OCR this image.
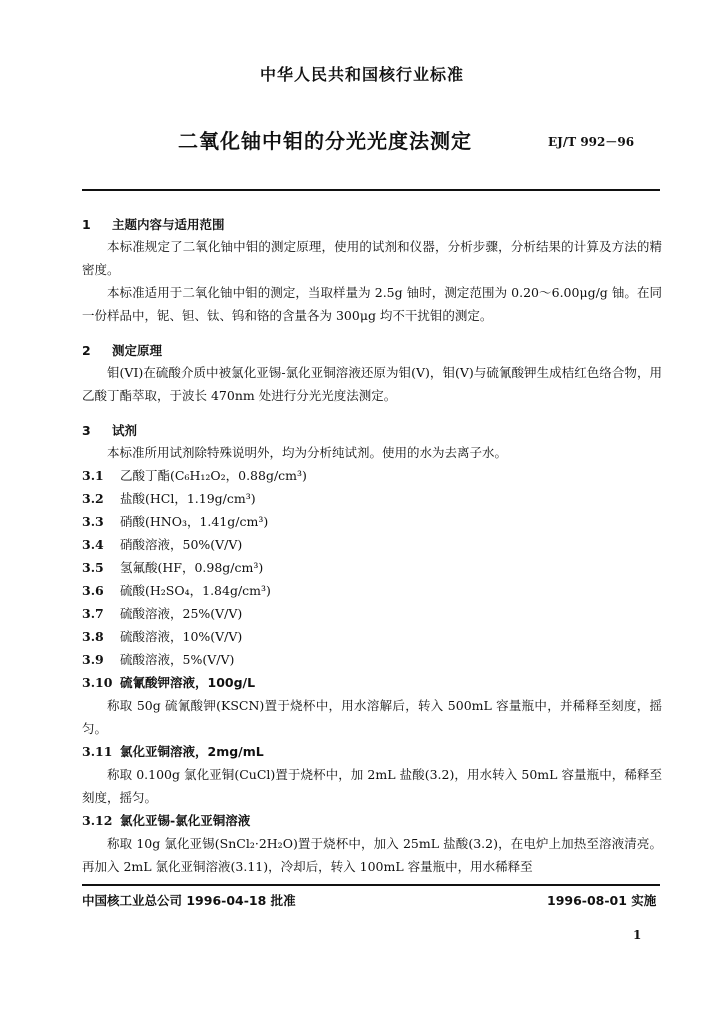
中华人民共和国核行业标准
二氧化铀中钼的分光光度法测定	EJ/T 992－96
1 主题内容与适用范围

本标准规定了二氧化铀中钼的测定原理，使用的试剂和仪器，分析步骤，分析结果的计算及方法的精密度。

本标准适用于二氧化铀中钼的测定，当取样量为 2.5g 铀时，测定范围为 0.20～6.00μg/g 铀。在同一份样品中，铌、钽、钛、钨和铬的含量各为 300μg 均不干扰钼的测定。

2 测定原理

钼(VI)在硫酸介质中被氯化亚锡-氯化亚铜溶液还原为钼(V)，钼(V)与硫氰酸钾生成桔红色络合物，用乙酸丁酯萃取，于波长 470nm 处进行分光光度法测定。

3 试剂

本标准所用试剂除特殊说明外，均为分析纯试剂。使用的水为去离子水。

3.1 乙酸丁酯(C₆H₁₂O₂，0.88g/cm³)
3.2 盐酸(HCl，1.19g/cm³)
3.3 硝酸(HNO₃，1.41g/cm³)
3.4 硝酸溶液，50%(V/V)
3.5 氢氟酸(HF，0.98g/cm³)
3.6 硫酸(H₂SO₄，1.84g/cm³)
3.7 硫酸溶液，25%(V/V)
3.8 硫酸溶液，10%(V/V)
3.9 硫酸溶液，5%(V/V)
3.10 硫氰酸钾溶液，100g/L

称取 50g 硫氰酸钾(KSCN)置于烧杯中，用水溶解后，转入 500mL 容量瓶中，并稀释至刻度，摇匀。

3.11 氯化亚铜溶液，2mg/mL

称取 0.100g 氯化亚铜(CuCl)置于烧杯中，加 2mL 盐酸(3.2)，用水转入 50mL 容量瓶中，稀释至刻度，摇匀。

3.12 氯化亚锡-氯化亚铜溶液

称取 10g 氯化亚锡(SnCl₂·2H₂O)置于烧杯中，加入 25mL 盐酸(3.2)，在电炉上加热至溶液清亮。再加入 2mL 氯化亚铜溶液(3.11)，冷却后，转入 100mL 容量瓶中，用水稀释至

中国核工业总公司 1996-04-18 批准	1996-08-01 实施
1
